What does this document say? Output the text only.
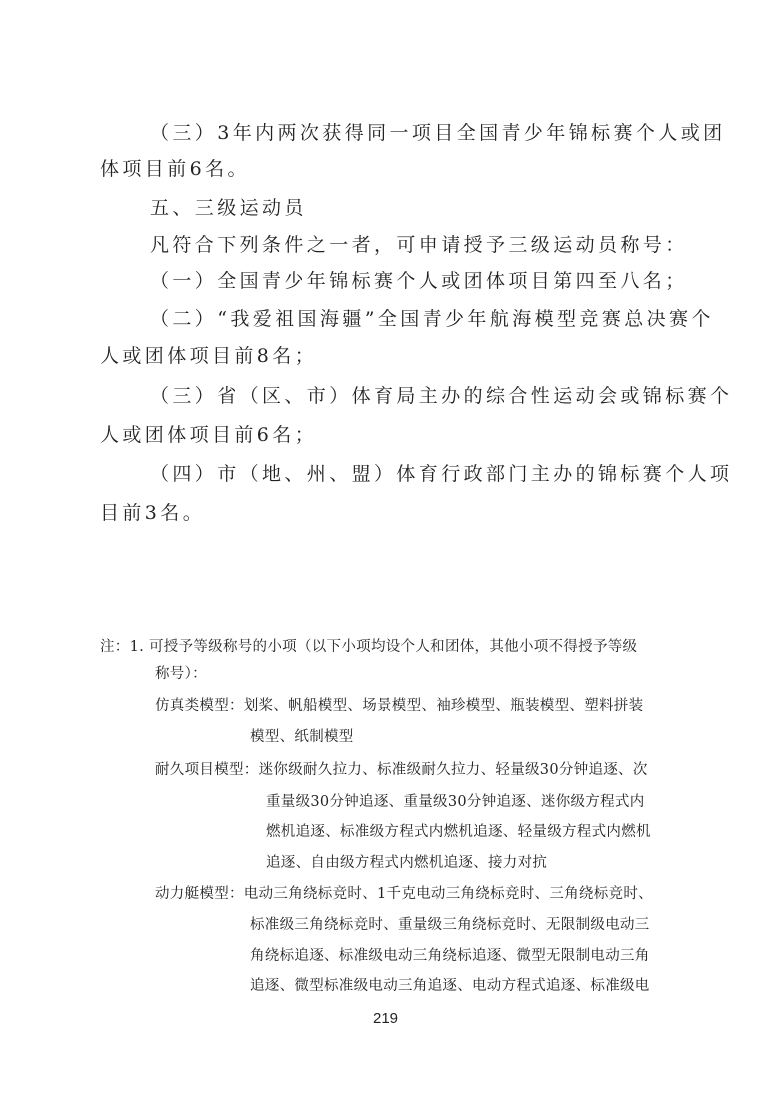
（三）3年内两次获得同一项目全国青少年锦标赛个人或团
体项目前6名。
五、三级运动员
凡符合下列条件之一者，可申请授予三级运动员称号：
（一）全国青少年锦标赛个人或团体项目第四至八名；
（二）“我爱祖国海疆”全国青少年航海模型竞赛总决赛个
人或团体项目前8名；
（三）省（区、市）体育局主办的综合性运动会或锦标赛个
人或团体项目前6名；
（四）市（地、州、盟）体育行政部门主办的锦标赛个人项
目前3名。
注：1. 可授予等级称号的小项（以下小项均设个人和团体，其他小项不得授予等级
称号）：
仿真类模型：划桨、帆船模型、场景模型、袖珍模型、瓶装模型、塑料拼装
模型、纸制模型
耐久项目模型：迷你级耐久拉力、标准级耐久拉力、轻量级30分钟追逐、次
重量级30分钟追逐、重量级30分钟追逐、迷你级方程式内
燃机追逐、标准级方程式内燃机追逐、轻量级方程式内燃机
追逐、自由级方程式内燃机追逐、接力对抗
动力艇模型：电动三角绕标竞时、1千克电动三角绕标竞时、三角绕标竞时、
标准级三角绕标竞时、重量级三角绕标竞时、无限制级电动三
角绕标追逐、标准级电动三角绕标追逐、微型无限制电动三角
追逐、微型标准级电动三角追逐、电动方程式追逐、标准级电
219
